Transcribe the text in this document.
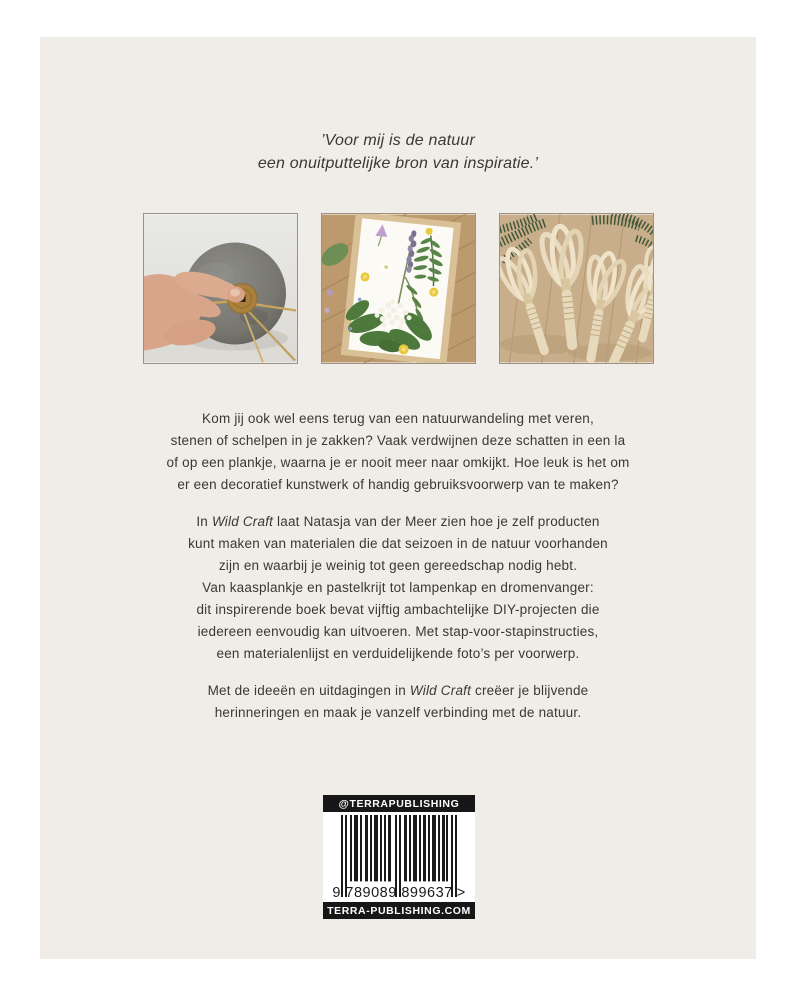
’Voor mij is de natuur
een onuitputtelijke bron van inspiratie.’
Kom jij ook wel eens terug van een natuurwandeling met veren,
stenen of schelpen in je zakken? Vaak verdwijnen deze schatten in een la
of op een plankje, waarna je er nooit meer naar omkijkt. Hoe leuk is het om
er een decoratief kunstwerk of handig gebruiksvoorwerp van te maken?
In Wild Craft laat Natasja van der Meer zien hoe je zelf producten
kunt maken van materialen die dat seizoen in de natuur voorhanden
zijn en waarbij je weinig tot geen gereedschap nodig hebt.
Van kaasplankje en pastelkrijt tot lampenkap en dromenvanger:
dit inspirerende boek bevat vijftig ambachtelijke DIY-projecten die
iedereen eenvoudig kan uitvoeren. Met stap-voor-stapinstructies,
een materialenlijst en verduidelijkende foto’s per voorwerp.
Met de ideeën en uitdagingen in Wild Craft creëer je blijvende
herinneringen en maak je vanzelf verbinding met de natuur.
@TERRAPUBLISHING
9 789089 899637 >
TERRA-PUBLISHING.COM
